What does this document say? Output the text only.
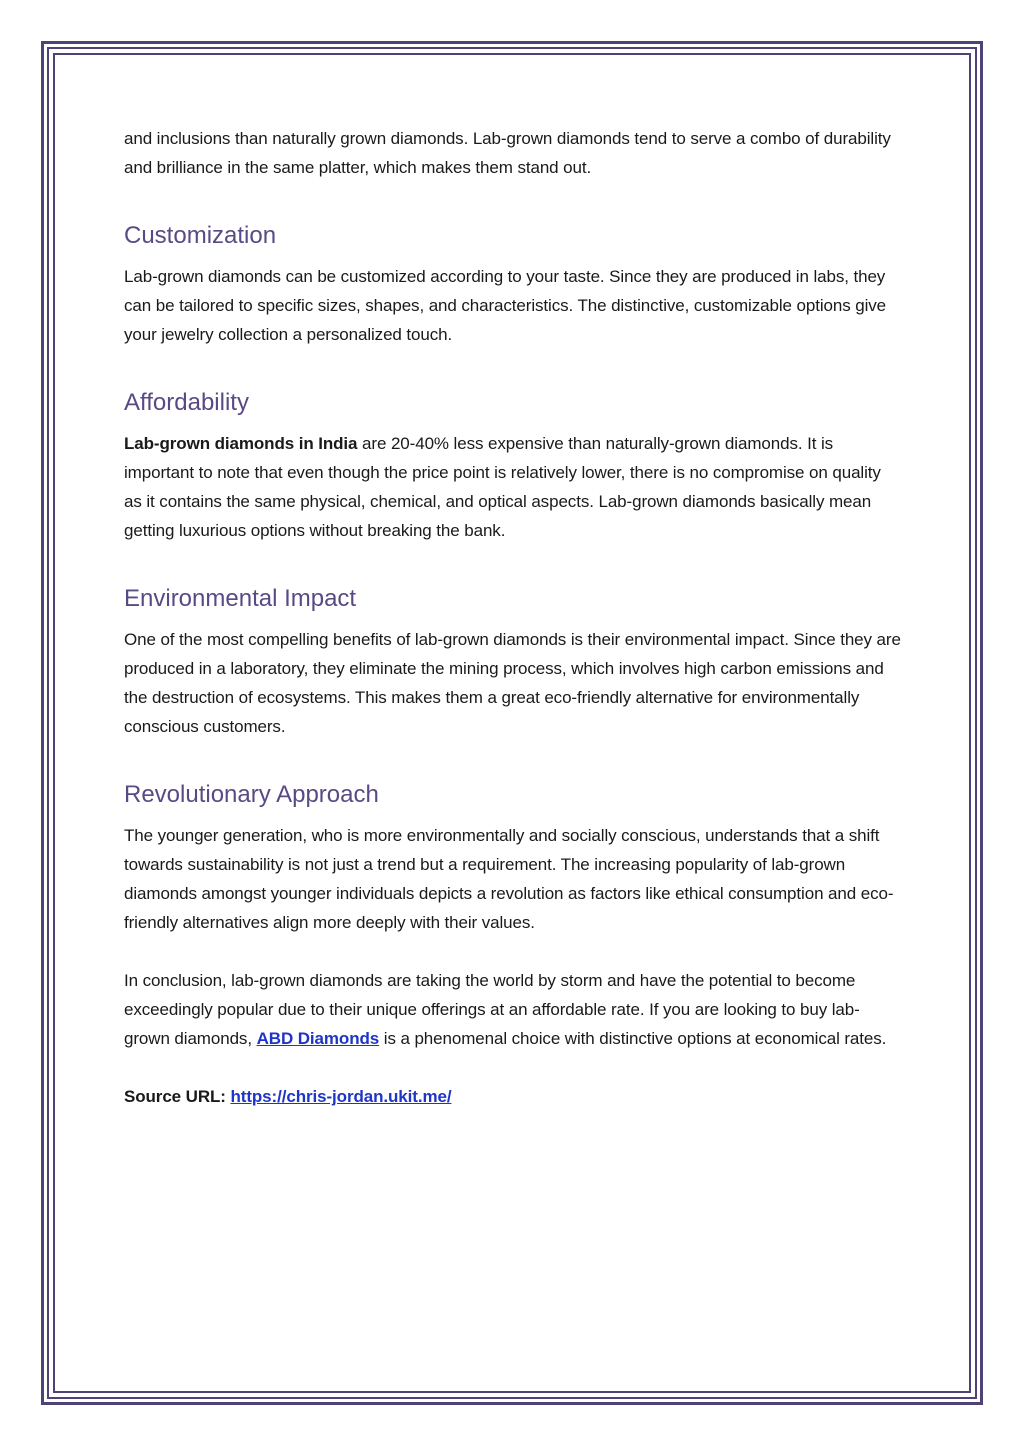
and inclusions than naturally grown diamonds. Lab-grown diamonds tend to serve a combo of durability and brilliance in the same platter, which makes them stand out.

Customization

Lab-grown diamonds can be customized according to your taste. Since they are produced in labs, they can be tailored to specific sizes, shapes, and characteristics. The distinctive, customizable options give your jewelry collection a personalized touch.

Affordability

Lab-grown diamonds in India are 20-40% less expensive than naturally-grown diamonds. It is important to note that even though the price point is relatively lower, there is no compromise on quality as it contains the same physical, chemical, and optical aspects. Lab-grown diamonds basically mean getting luxurious options without breaking the bank.

Environmental Impact

One of the most compelling benefits of lab-grown diamonds is their environmental impact. Since they are produced in a laboratory, they eliminate the mining process, which involves high carbon emissions and the destruction of ecosystems. This makes them a great eco-friendly alternative for environmentally conscious customers.

Revolutionary Approach

The younger generation, who is more environmentally and socially conscious, understands that a shift towards sustainability is not just a trend but a requirement. The increasing popularity of lab-grown diamonds amongst younger individuals depicts a revolution as factors like ethical consumption and eco-friendly alternatives align more deeply with their values.

In conclusion, lab-grown diamonds are taking the world by storm and have the potential to become exceedingly popular due to their unique offerings at an affordable rate. If you are looking to buy lab-grown diamonds, ABD Diamonds is a phenomenal choice with distinctive options at economical rates.

Source URL: https://chris-jordan.ukit.me/
